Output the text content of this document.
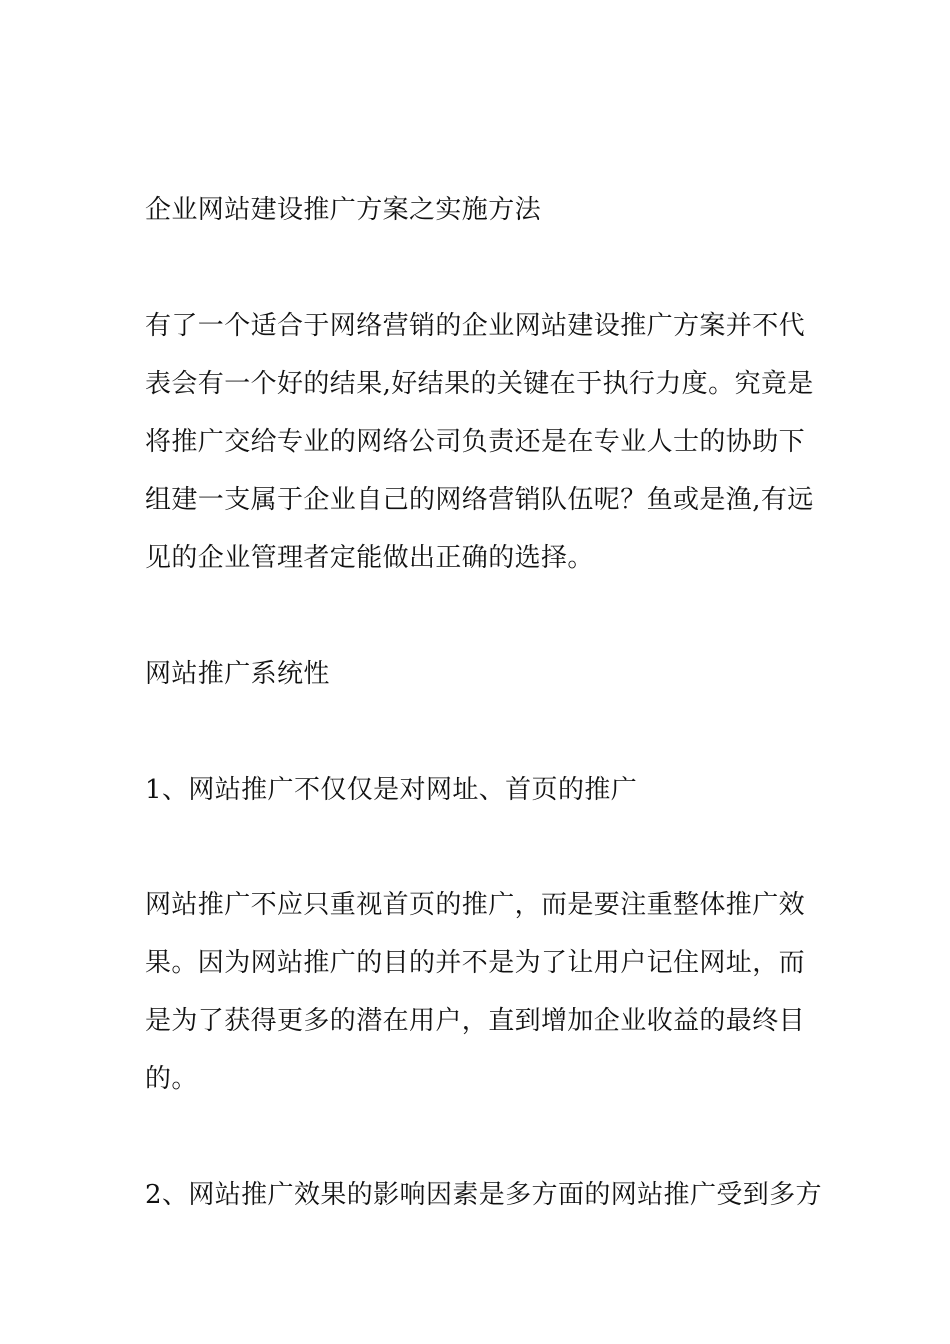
企业网站建设推广方案之实施方法

有了一个适合于网络营销的企业网站建设推广方案并不代

表会有一个好的结果,好结果的关键在于执行力度。究竟是

将推广交给专业的网络公司负责还是在专业人士的协助下

组建一支属于企业自己的网络营销队伍呢？鱼或是渔,有远

见的企业管理者定能做出正确的选择。

网站推广系统性

1、网站推广不仅仅是对网址、首页的推广

网站推广不应只重视首页的推广，而是要注重整体推广效

果。因为网站推广的目的并不是为了让用户记住网址，而

是为了获得更多的潜在用户，直到增加企业收益的最终目

的。

2、网站推广效果的影响因素是多方面的网站推广受到多方
